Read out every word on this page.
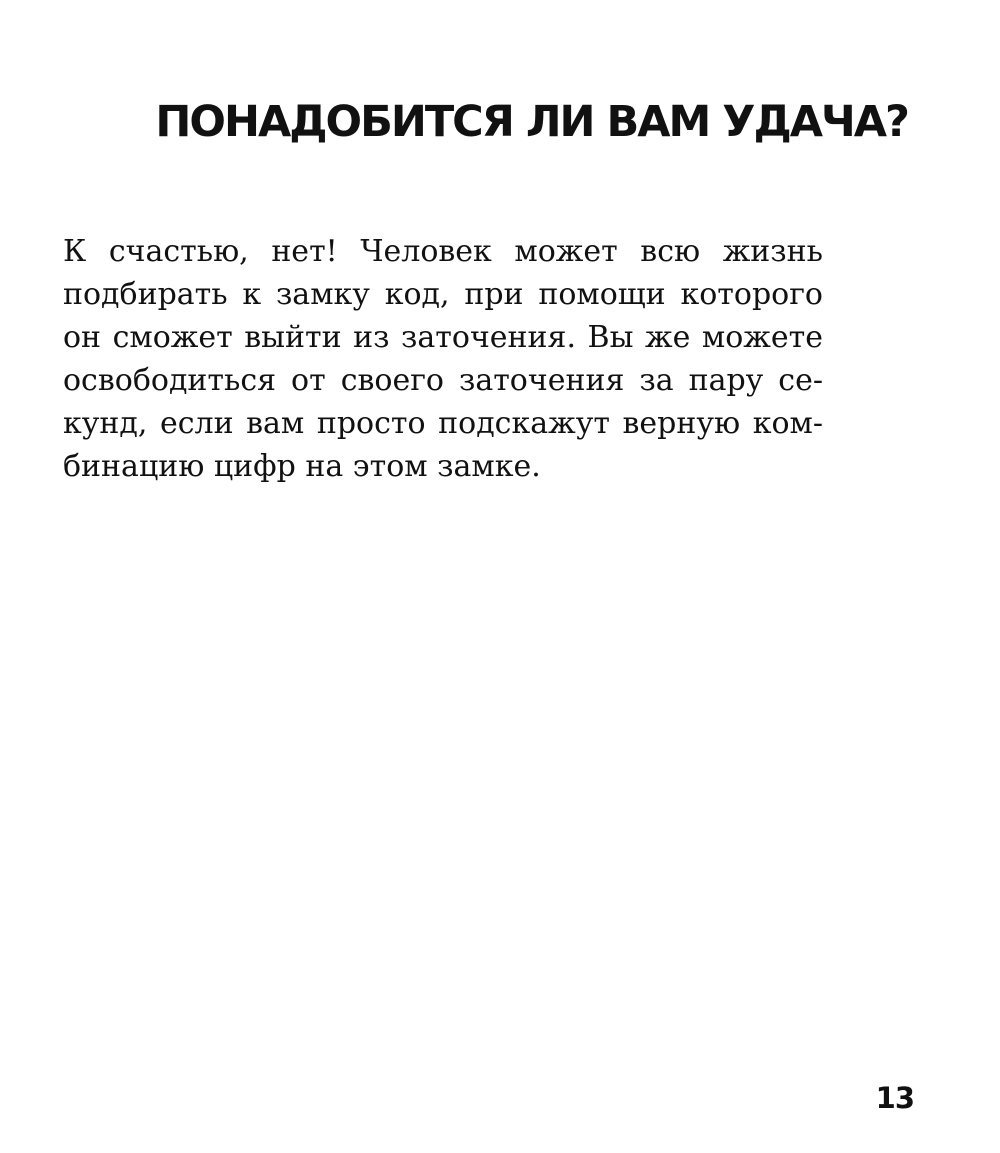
ПОНАДОБИТСЯ ЛИ ВАМ УДАЧА?

К счастью, нет! Человек может всю жизнь
подбирать к замку код, при помощи которого
он сможет выйти из заточения. Вы же можете
освободиться от своего заточения за пару се-
кунд, если вам просто подскажут верную ком-
бинацию цифр на этом замке.

13
